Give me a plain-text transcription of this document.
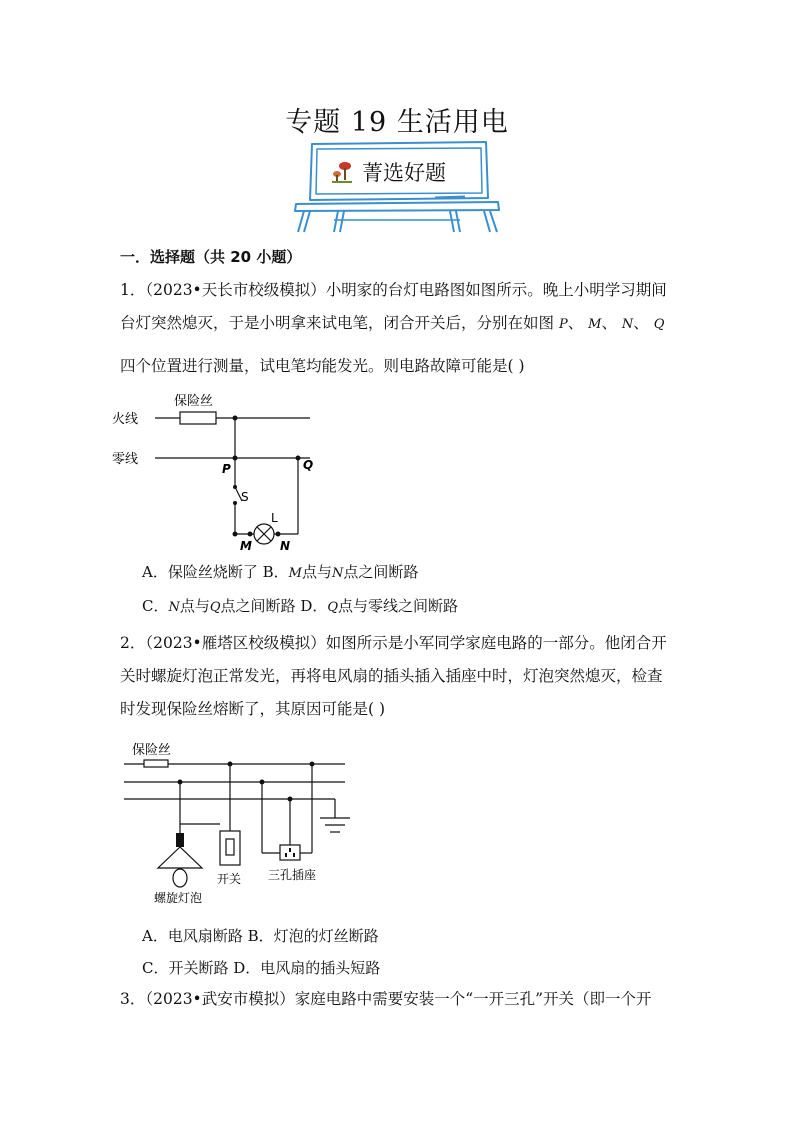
专题 19 生活用电
菁选好题
一．选择题（共 20 小题）
1．（2023•天长市校级模拟）小明家的台灯电路图如图所示。晚上小明学习期间
台灯突然熄灭，于是小明拿来试电笔，闭合开关后，分别在如图 P、 M、 N、 Q
四个位置进行测量，试电笔均能发光。则电路故障可能是( )
保险丝
火线
零线
P	Q
S
L
M N
A．保险丝烧断了 B．M点与N点之间断路
C．N点与Q点之间断路 D．Q点与零线之间断路
2．（2023•雁塔区校级模拟）如图所示是小军同学家庭电路的一部分。他闭合开
关时螺旋灯泡正常发光，再将电风扇的插头插入插座中时，灯泡突然熄灭，检查
时发现保险丝熔断了，其原因可能是( )
保险丝
螺旋灯泡
开关 三孔插座
A．电风扇断路 B．灯泡的灯丝断路
C．开关断路 D．电风扇的插头短路
3．（2023•武安市模拟）家庭电路中需要安装一个“一开三孔”开关（即一个开
